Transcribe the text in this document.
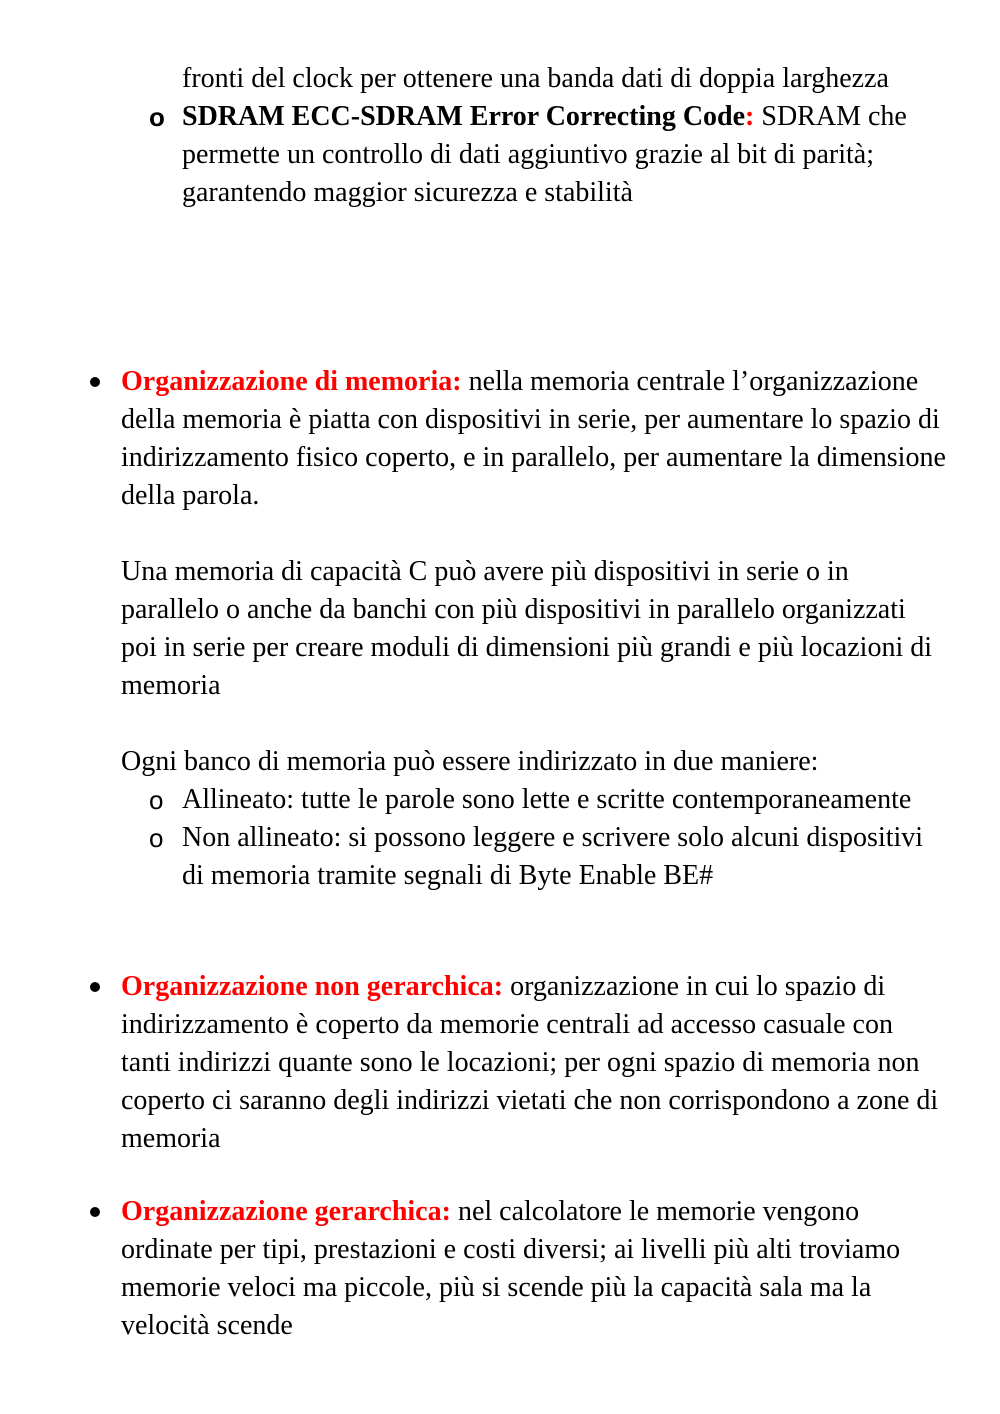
fronti del clock per ottenere una banda dati di doppia larghezza

o SDRAM ECC-SDRAM Error Correcting Code: SDRAM che permette un controllo di dati aggiuntivo grazie al bit di parità; garantendo maggior sicurezza e stabilità

Organizzazione di memoria: nella memoria centrale l’organizzazione della memoria è piatta con dispositivi in serie, per aumentare lo spazio di indirizzamento fisico coperto, e in parallelo, per aumentare la dimensione della parola.

Una memoria di capacità C può avere più dispositivi in serie o in parallelo o anche da banchi con più dispositivi in parallelo organizzati poi in serie per creare moduli di dimensioni più grandi e più locazioni di memoria

Ogni banco di memoria può essere indirizzato in due maniere:

o Allineato: tutte le parole sono lette e scritte contemporaneamente

o Non allineato: si possono leggere e scrivere solo alcuni dispositivi di memoria tramite segnali di Byte Enable BE#

Organizzazione non gerarchica: organizzazione in cui lo spazio di indirizzamento è coperto da memorie centrali ad accesso casuale con tanti indirizzi quante sono le locazioni; per ogni spazio di memoria non coperto ci saranno degli indirizzi vietati che non corrispondono a zone di memoria

Organizzazione gerarchica: nel calcolatore le memorie vengono ordinate per tipi, prestazioni e costi diversi; ai livelli più alti troviamo memorie veloci ma piccole, più si scende più la capacità sala ma la velocità scende
